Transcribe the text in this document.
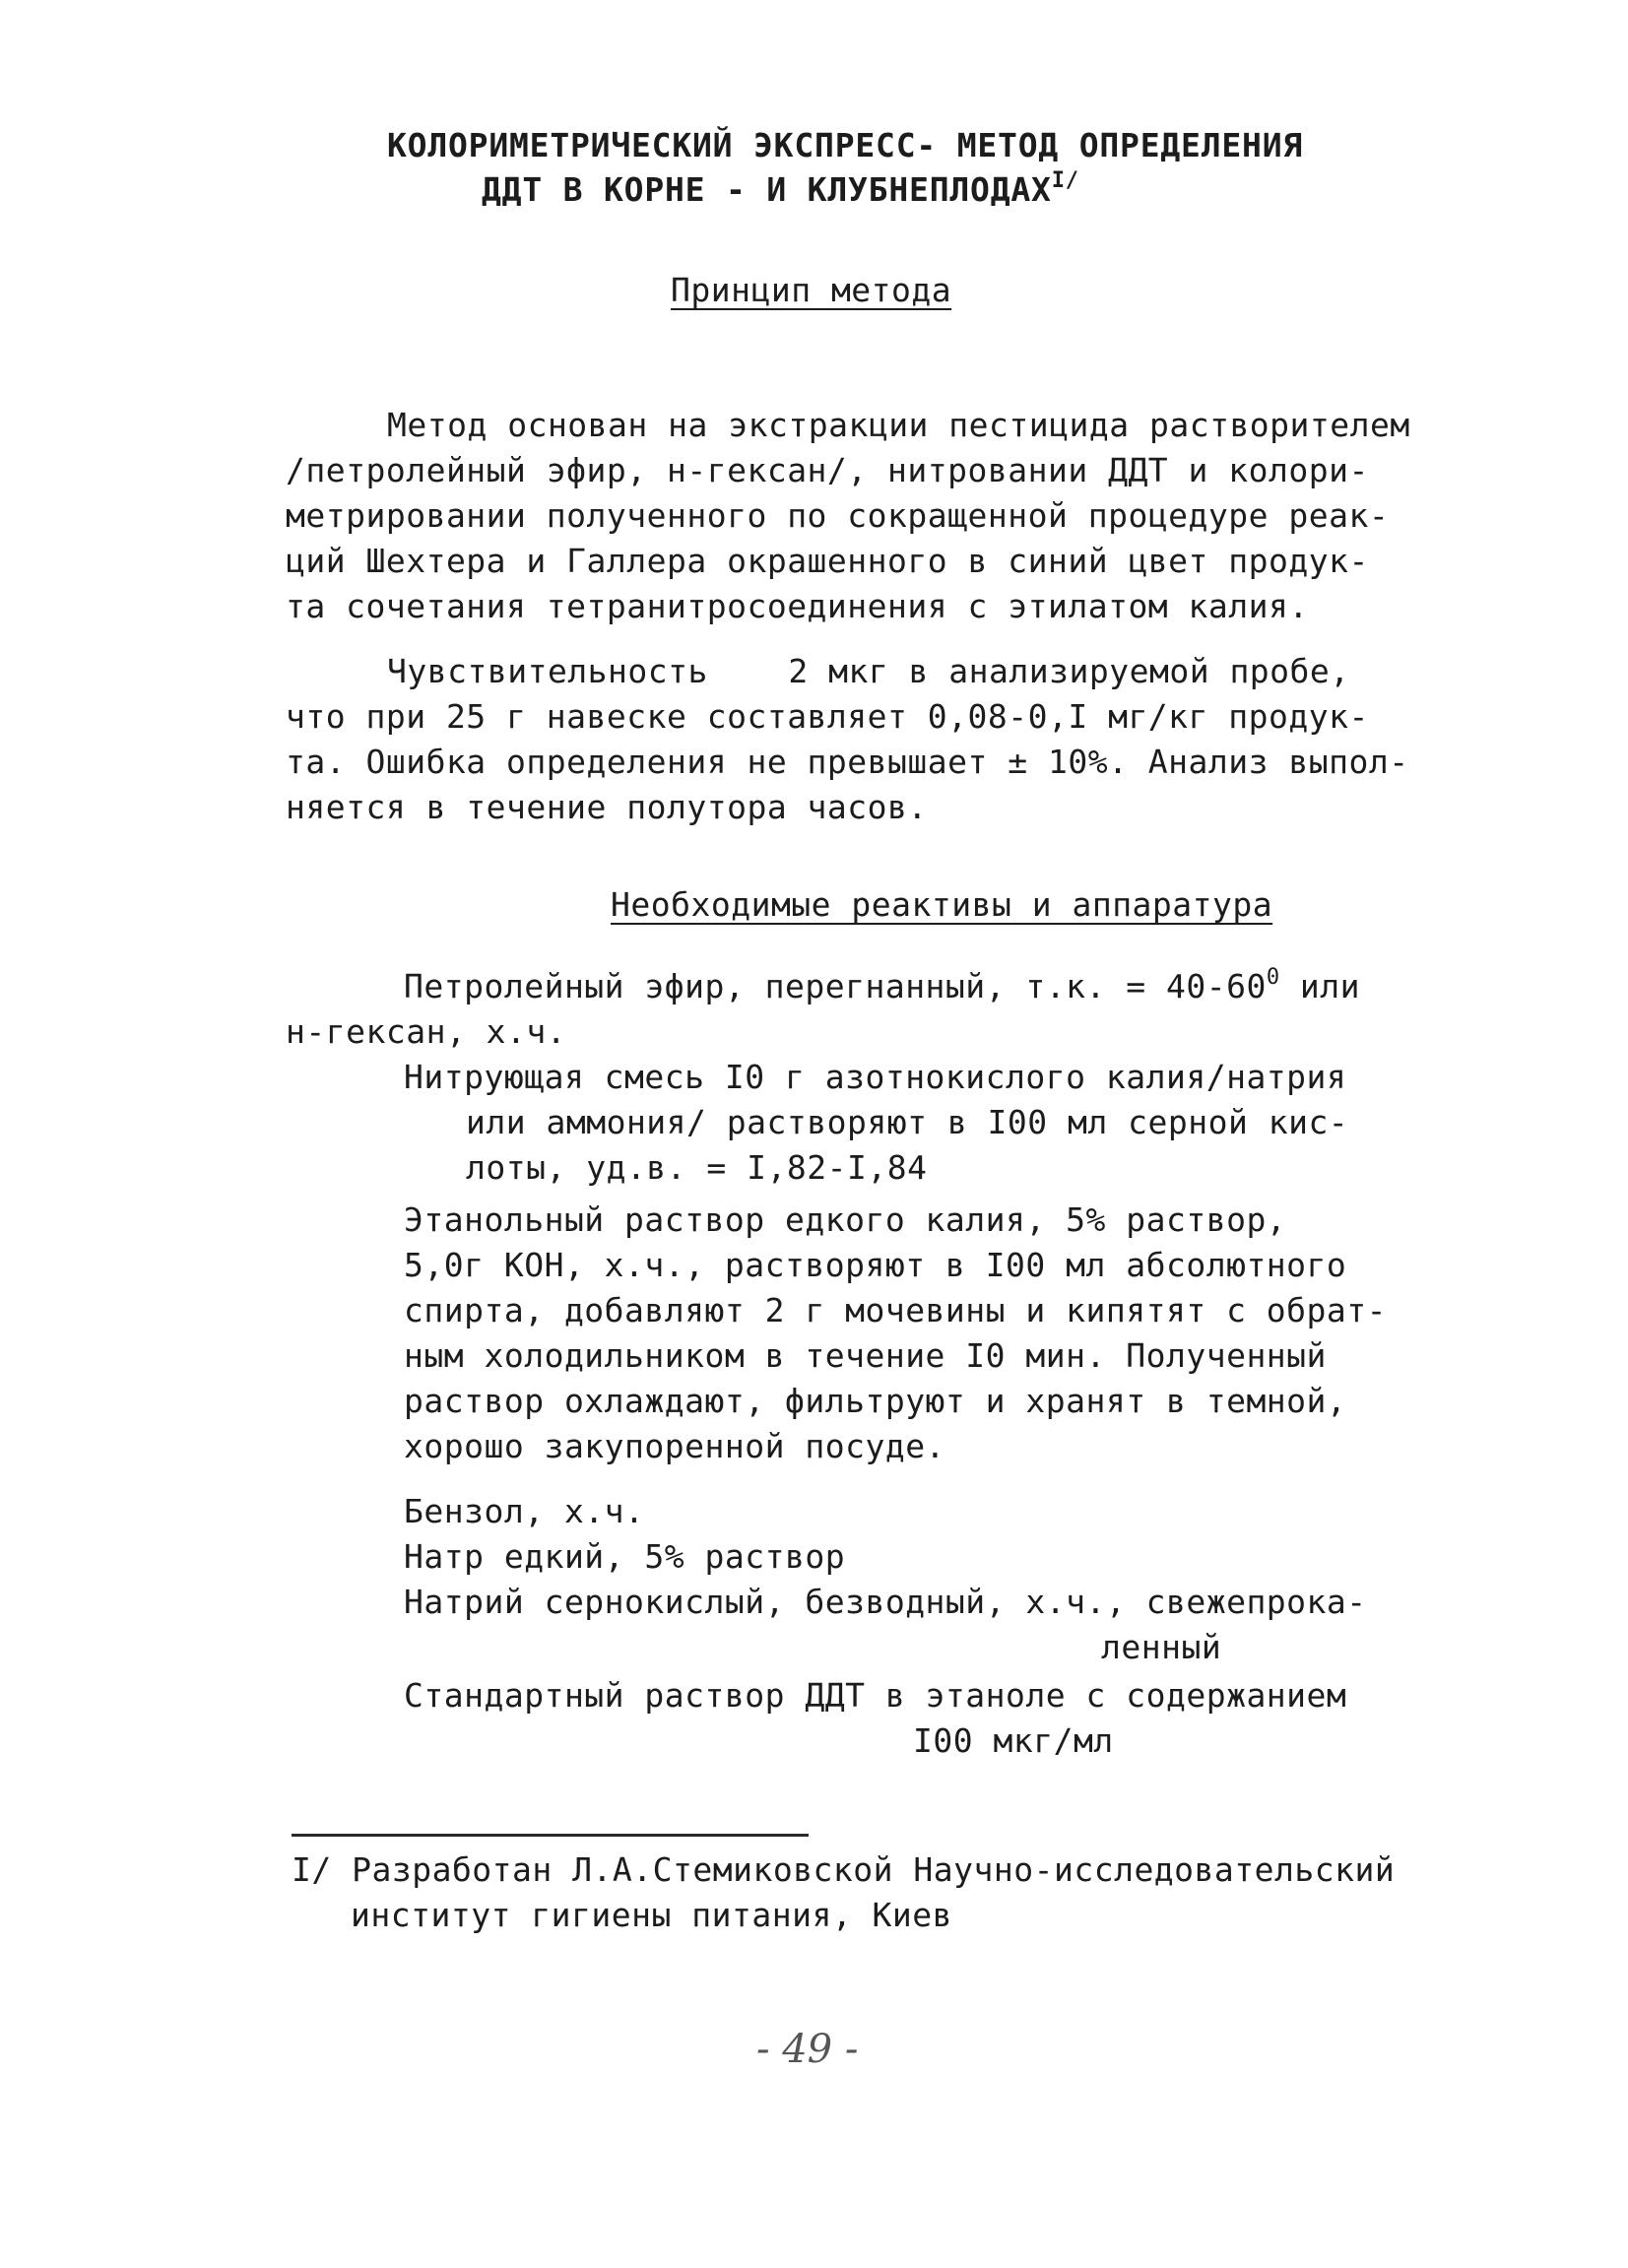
КОЛОРИМЕТРИЧЕСКИЙ ЭКСПРЕСС- МЕТОД ОПРЕДЕЛЕНИЯ
ДДТ В КОРНЕ - И $КЛУБНЕПЛОДАХ^{I/}$
Принцип метода
Метод основан на экстракции пестицида растворителем
/петролейный эфир, н-гексан/, нитровании ДДТ и колори-
метрировании полученного по сокращенной процедуре реак-
ций Шехтера и Галлера окрашенного в синий цвет продук-
та сочетания тетранитросоединения с этилатом калия.
Чувствительность    2 мкг в анализируемой пробе,
что при 25 г навеске составляет 0,08-0,I мг/кг продук-
та. Ошибка определения не превышает ± 10%. Анализ выпол-
няется в течение полутора часов.
Необходимые реактивы и аппаратура
Петролейный эфир, перегнанный, т.к. = $40-60^0$ или
н-гексан, х.ч.
Нитрующая смесь I0 г азотнокислого калия/натрия
или аммония/ растворяют в I00 мл серной кис-
лоты, уд.в. = I,82-I,84
Этанольный раствор едкого калия, 5% раствор,
5,0г КОН, х.ч., растворяют в I00 мл абсолютного
спирта, добавляют 2 г мочевины и кипятят с обрат-
ным холодильником в течение I0 мин. Полученный
раствор охлаждают, фильтруют и хранят в темной,
хорошо закупоренной посуде.
Бензол, х.ч.
Натр едкий, 5% раствор
Натрий сернокислый, безводный, х.ч., свежепрока-
ленный
Стандартный раствор ДДТ в этаноле с содержанием
I00 мкг/мл
I/ Разработан Л.А.Стемиковской Научно-исследовательский
институт гигиены питания, Киев
- 49 -
